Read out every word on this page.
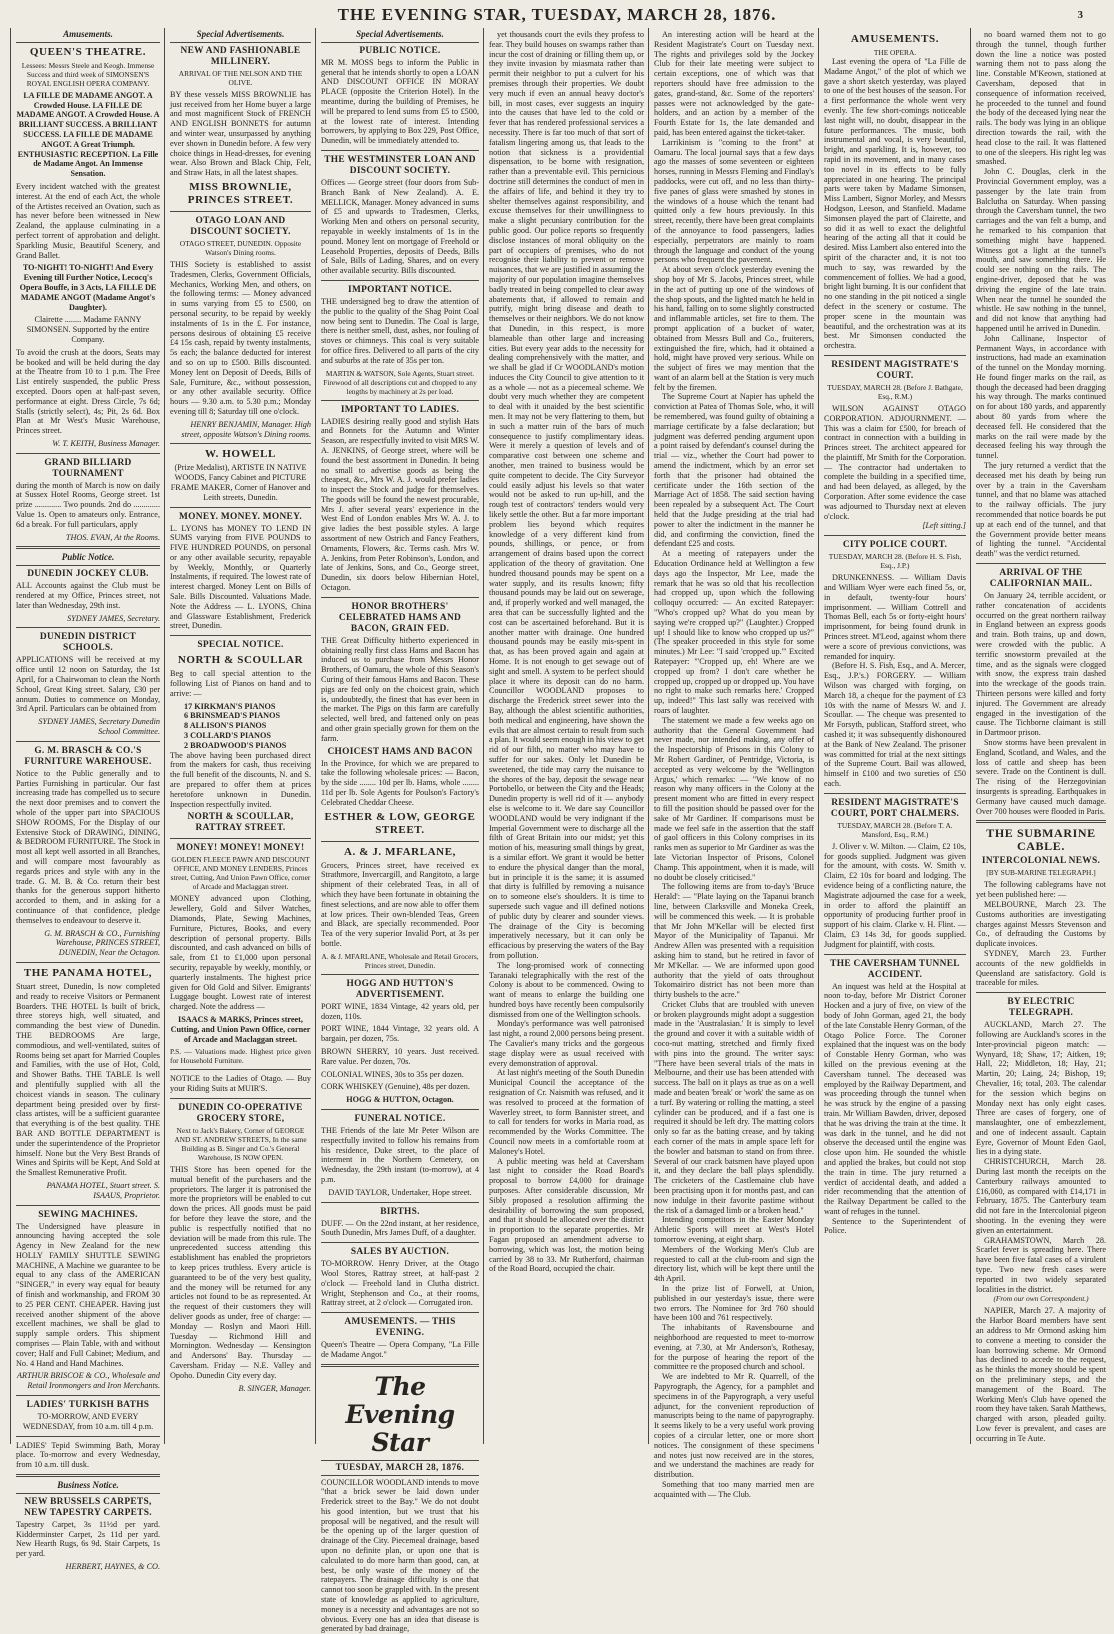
THE EVENING STAR, TUESDAY, MARCH 28, 1876.	3
Amusements.
QUEEN'S THEATRE.
Lessees: Messrs Steele and Keogh. Immense Success and third week of SIMONSEN'S ROYAL ENGLISH OPERA COMPANY.
LA FILLE DE MADAME ANGOT. A Crowded House. LA FILLE DE MADAME ANGOT. A Crowded House. A BRILLIANT SUCCESS. A BRILLIANT SUCCESS. LA FILLE DE MADAME ANGOT. A Great Triumph. ENTHUSIASTIC RECEPTION. La Fille de Madame Angot. An Immense Sensation.
Every incident watched with the greatest interest. At the end of each Act, the whole of the Artistes received an Ovation, such as has never before been witnessed in New Zealand, the applause culminating in a perfect torrent of approbation and delight. Sparkling Music, Beautiful Scenery, and Grand Ballet.
TO-NIGHT! TO-NIGHT! And Every Evening till Further Notice, Lecocq's Opera Bouffe, in 3 Acts, LA FILLE DE MADAME ANGOT (Madame Angot's Daughter).
Clairette ........ Madame FANNY SIMONSEN. Supported by the entire Company.
To avoid the crush at the doors, Seats may be booked and will be held during the day at the Theatre from 10 to 1 p.m. The Free List entirely suspended, the public Press excepted. Doors open at half-past seven, performance at eight. Dress Circle, 7s 6d; Stalls (strictly select), 4s; Pit, 2s 6d. Box Plan at Mr West's Music Warehouse, Princes street.
W. T. KEITH, Business Manager.
GRAND BILLIARD TOURNAMENT
during the month of March is now on daily at Sussex Hotel Rooms, George street. 1st prize ............. Two pounds. 2nd do ............. Value 1s. Open to amateurs only. Entrance, 6d a break. For full particulars, apply
THOS. EVAN, At the Rooms.
Public Notice.
DUNEDIN JOCKEY CLUB.
ALL Accounts against the Club must be rendered at my Office, Princes street, not later than Wednesday, 29th inst.
SYDNEY JAMES, Secretary.
DUNEDIN DISTRICT SCHOOLS.
APPLICATIONS will be received at my office until 12 noon on Saturday, the 1st April, for a Chairwoman to clean the North School, Great King street. Salary, £30 per annum. Duties to commence on Monday, 3rd April. Particulars can be obtained from
SYDNEY JAMES, Secretary Dunedin School Committee.
G. M. BRASCH & CO.'S FURNITURE WAREHOUSE.
Notice to the Public generally and to Parties Furnishing in particular. Our fast increasing trade has compelled us to secure the next door premises and to convert the whole of the upper part into SPACIOUS SHOW ROOMS, For the Display of our Extensive Stock of DRAWING, DINING, & BEDROOM FURNITURE. The Stock in most all kept well assorted in all Branches, and will compare most favourably as regards prices and style with any in the trade. G. M. B. & Co. return their best thanks for the generous support hitherto accorded to them, and in asking for a continuance of that confidence, pledge themselves to endeavour to deserve it.
G. M. BRASCH & CO., Furnishing Warehouse, PRINCES STREET, DUNEDIN, Near the Octagon.
THE PANAMA HOTEL,
Stuart street, Dunedin, Is now completed and ready to receive Visitors or Permanent Boarders. THE HOTEL Is built of brick, three storeys high, well situated, and commanding the best view of Dunedin. THE BEDROOMS Are large, commodious, and well-ventilated, suites of Rooms being set apart for Married Couples and Families, with the use of Hot, Cold, and Shower Baths. THE TABLE Is well and plentifully supplied with all the choicest viands in season. The culinary department being presided over by first-class artistes, will be a sufficient guarantee that everything is of the best quality. THE BAR AND BOTTLE DEPARTMENT is under the superintendence of the Proprietor himself. None but the Very Best Brands of Wines and Spirits will be Kept, And Sold at the Smallest Remunerative Profit.
PANAMA HOTEL, Stuart street. S. ISAAUS, Proprietor.
SEWING MACHINES.
The Undersigned have pleasure in announcing having accepted the sole Agency in New Zealand for the new HOLLY FAMILY SHUTTLE SEWING MACHINE, A Machine we guarantee to be equal to any class of the AMERICAN "SINGER," in every way equal for beauty of finish and workmanship, and FROM 30 to 25 PER CENT. CHEAPER. Having just received another shipment of the above excellent machines, we shall be glad to supply sample orders. This shipment comprises — Plain Table, with and without cover; Half and Full Cabinet; Medium, and No. 4 Hand and Hand Machines.
ARTHUR BRISCOE & CO., Wholesale and Retail Ironmongers and Iron Merchants.
LADIES' TURKISH BATHS
TO-MORROW, AND EVERY WEDNESDAY, from 10 a.m. till 4 p.m.
LADIES' Tepid Swimming Bath, Moray place. To-morrow and every Wednesday, from 10 a.m. till dusk.
Business Notice.
NEW BRUSSELS CARPETS, NEW TAPESTRY CARPETS.
Tapestry Carpet, 3s 11½d per yard. Kidderminster Carpet, 2s 11d per yard. New Hearth Rugs, 6s 9d. Stair Carpets, 1s per yard.
HERBERT, HAYNES, & CO.
Special Advertisements.
NEW AND FASHIONABLE MILLINERY.
ARRIVAL OF THE NELSON AND THE OLIVE.
BY these vessels MISS BROWNLIE has just received from her Home buyer a large and most magnificent Stock of FRENCH AND ENGLISH BONNETS for autumn and winter wear, unsurpassed by anything ever shown in Dunedin before. A few very choice things in Head-dresses, for evening wear. Also Brown and Black Chip, Felt, and Straw Hats, in all the latest shapes.
MISS BROWNLIE, PRINCES STREET.
OTAGO LOAN AND DISCOUNT SOCIETY.
OTAGO STREET, DUNEDIN. Opposite Watson's Dining rooms.
THIS Society is established to assist Tradesmen, Clerks, Government Officials, Mechanics, Working Men, and others, on the following terms: — Money advanced in sums varying from £5 to £500, on personal security, to be repaid by weekly instalments of 1s in the £. For instance, persons desirous of obtaining £5 receive £4 15s cash, repaid by twenty instalments, 5s each; the balance deducted for interest and so on up to £500. Bills discounted. Money lent on Deposit of Deeds, Bills of Sale, Furniture, &c., without possession, or any other available security. Office hours — 9.30 a.m. to 5.30 p.m.; Monday evening till 8; Saturday till one o'clock.
HENRY BENJAMIN, Manager. High street, opposite Watson's Dining rooms.
W. HOWELL
(Prize Medalist), ARTISTE IN NATIVE WOODS, Fancy Cabinet and PICTURE FRAME MAKER, Corner of Hanover and Leith streets, Dunedin.
MONEY. MONEY. MONEY.
L. LYONS has MONEY TO LEND IN SUMS varying from FIVE POUNDS to FIVE HUNDRED POUNDS, on personal or any other available security, repayable by Weekly, Monthly, or Quarterly Instalments, if required. The lowest rate of interest charged. Money Lent on Bills of Sale. Bills Discounted. Valuations Made. Note the Address — L. LYONS, China and Glassware Establishment, Frederick street, Dunedin.
SPECIAL NOTICE.
NORTH & SCOULLAR
Beg to call special attention to the following List of Pianos on hand and to arrive: —
17 KIRKMAN'S PIANOS
6 BRINSMEAD'S PIANOS
8 ALLISON'S PIANOS
3 COLLARD'S PIANOS
2 BROADWOOD'S PIANOS
The above having been purchased direct from the makers for cash, thus receiving the full benefit of the discounts, N. and S. are prepared to offer them at prices heretofore unknown in Dunedin. Inspection respectfully invited.
NORTH & SCOULLAR, RATTRAY STREET.
MONEY! MONEY! MONEY!
GOLDEN FLEECE PAWN AND DISCOUNT OFFICE, AND MONEY LENDERS, Princes street, Cutting, And Union Pawn Office, corner of Arcade and Maclaggan street.
MONEY advanced upon Clothing, Jewellery, Gold and Silver Watches, Diamonds, Plate, Sewing Machines, Furniture, Pictures, Books, and every description of personal property. Bills discounted, and cash advanced on bills of sale, from £1 to £1,000 upon personal security, repayable by weekly, monthly, or quarterly instalments. The highest price given for Old Gold and Silver. Emigrants' Luggage bought. Lowest rate of interest charged. Note the address —
ISAACS & MARKS, Princes street, Cutting, and Union Pawn Office, corner of Arcade and Maclaggan street.
P.S. — Valuations made. Highest price given for Household Furniture.
NOTICE to the Ladies of Otago. — Buy your Riding Suits at MUIR'S.
DUNEDIN CO-OPERATIVE GROCERY STORE,
Next to Jack's Bakery, Corner of GEORGE AND ST. ANDREW STREETS, In the same Building as B. Singer and Co.'s General Warehouse, IS NOW OPEN.
THIS Store has been opened for the mutual benefit of the purchasers and the proprietors. The larger it is patronised the more the proprietors will be enabled to cut down the prices. All goods must be paid for before they leave the store, and the public is respectfully notified that no deviation will be made from this rule. The unprecedented success attending this establishment has enabled the proprietors to keep prices truthless. Every article is guaranteed to be of the very best quality, and the money will be returned for any articles not found to be as represented. At the request of their customers they will deliver goods as under, free of charge: — Monday — Roslyn and Maori Hill. Tuesday — Richmond Hill and Mornington. Wednesday — Kensington and Andersons' Bay. Thursday — Caversham. Friday — N.E. Valley and Opoho. Dunedin City every day.
B. SINGER, Manager.
Special Advertisements.
PUBLIC NOTICE.
MR M. MOSS begs to inform the Public in general that he intends shortly to open a LOAN AND DISCOUNT OFFICE IN MORAY PLACE (opposite the Criterion Hotel). In the meantime, during the building of Premises, he will be prepared to lend sums from £5 to £500, at the lowest rate of interest. Intending borrowers, by applying to Box 229, Post Office, Dunedin, will be immediately attended to.
THE WESTMINSTER LOAN AND DISCOUNT SOCIETY.
Offices — George street (four doors from Sub-Branch Bank of New Zealand). A. E. MELLICK, Manager. Money advanced in sums of £5 and upwards to Tradesmen, Clerks, Working Men and others on personal security, repayable in weekly instalments of 1s in the pound. Money lent on mortgage of Freehold or Leasehold Properties, deposits of Deeds, Bills of Sale, Bills of Lading, Shares, and on every other available security. Bills discounted.
IMPORTANT NOTICE.
THE undersigned beg to draw the attention of the public to the quality of the Shag Point Coal now being sent to Dunedin. The Coal is large, there is neither smell, dust, ashes, nor fouling of stoves or chimneys. This coal is very suitable for office fires. Delivered to all parts of the city and suburbs at the rate of 35s per ton.
MARTIN & WATSON, Sole Agents, Stuart street. Firewood of all descriptions cut and chopped to any lengths by machinery at 2s per load.
IMPORTANT TO LADIES.
LADIES desiring really good and stylish Hats and Bonnets for the Autumn and Winter Season, are respectfully invited to visit MRS W. A. JENKINS, of George street, where will be found the best assortment in Dunedin. It being no small to advertise goods as being the cheapest, &c., Mrs W. A. J. would prefer ladies to inspect the Stock and judge for themselves. The goods will be found the newest procurable, Mrs J. after several years' experience in the West End of London enables Mrs W. A. J. to give ladies the best possible styles. A large assortment of new Ostrich and Fancy Feathers, Ornaments, Flowers, &c. Terms cash. Mrs W. A. Jenkins, from Peter Robinson's, London, and late of Jenkins, Sons, and Co., George street, Dunedin, six doors below Hibernian Hotel, Octagon.
HONOR BROTHERS' CELEBRATED HAMS AND BACON, GRAIN FED.
THE Great Difficulty hitherto experienced in obtaining really first class Hams and Bacon has induced us to purchase from Messrs Honor Brothers, of Oamaru, the whole of this Season's Curing of their famous Hams and Bacon. These pigs are fed only on the choicest grain, which is, undoubtedly, the finest that has ever been in the market. The Pigs on this farm are carefully selected, well bred, and fattened only on peas and other grain specially grown for them on the farm.
CHOICEST HAMS AND BACON
In the Province, for which we are prepared to take the following wholesale prices: — Bacon, by the side ........ 10d per lb. Hams, whole ........ 11d per lb. Sole Agents for Poulson's Factory's Celebrated Cheddar Cheese.
ESTHER & LOW, GEORGE STREET.
A. & J. MFARLANE,
Grocers, Princes street, have received ex Strathmore, Invercargill, and Rangitoto, a large shipment of their celebrated Teas, in all of which they have been fortunate in obtaining the finest selections, and are now able to offer them at low prices. Their own-blended Teas, Green and Black, are specially recommended. Poor Tea of the very superior Invalid Port, at 3s per bottle.
A. & J. MFARLANE, Wholesale and Retail Grocers, Princes street, Dunedin.
HOGG AND HUTTON'S ADVERTISEMENT.
PORT WINE, 1834 Vintage, 42 years old, per dozen, 110s.
PORT WINE, 1844 Vintage, 32 years old. A bargain, per dozen, 75s.
BROWN SHERRY, 10 years. Just received. Rare value. Per dozen, 70s.
COLONIAL WINES, 30s to 35s per dozen.
CORK WHISKEY (Genuine), 48s per dozen.
HOGG & HUTTON, Octagon.
FUNERAL NOTICE.
THE Friends of the late Mr Peter Wilson are respectfully invited to follow his remains from his residence, Duke street, to the place of interment in the Northern Cemetery, on Wednesday, the 29th instant (to-morrow), at 4 p.m.
DAVID TAYLOR, Undertaker, Hope street.
BIRTHS.
DUFF. — On the 22nd instant, at her residence, South Dunedin, Mrs James Duff, of a daughter.
SALES BY AUCTION.
TO-MORROW. Henry Driver, at the Otago Wool Stores, Rattray street, at half-past 2 o'clock — Freehold land in Clutha district. Wright, Stephenson and Co., at their rooms, Rattray street, at 2 o'clock — Corrugated iron.
AMUSEMENTS. — THIS EVENING.
Queen's Theatre — Opera Company, "La Fille de Madame Angot."
The Evening Star
TUESDAY, MARCH 28, 1876.
COUNCILLOR WOODLAND intends to move "that a brick sewer be laid down under Frederick street to the Bay." We do not doubt his good intention, but we trust that his proposal will be negatived, and the result will be the opening up of the larger question of drainage of the City. Piecemeal drainage, based upon no definite plan, or upon one that is calculated to do more harm than good, can, at best, be only waste of the money of the ratepayers. The drainage difficulty is one that cannot too soon be grappled with. In the present state of knowledge as applied to agriculture, money is a necessity and advantages are not so obvious. Every one has an idea that disease is generated by bad drainage,

yet thousands court the evils they profess to fear. They build houses on swamps rather than incur the cost of draining or filling them up, or they invite invasion by miasmata rather than permit their neighbor to put a culvert for his premises through their properties. We doubt very much if even an annual heavy doctor's bill, in most cases, ever suggests an inquiry into the causes that have led to the cold or fever that has rendered professional services a necessity. There is far too much of that sort of fatalism lingering among us, that leads to the notion that sickness is a providential dispensation, to be borne with resignation, rather than a preventable evil. This pernicious doctrine still determines the conduct of men in the affairs of life, and behind it they try to shelter themselves against responsibility, and excuse themselves for their unwillingness to make a slight pecuniary contribution for the public good. Our police reports so frequently disclose instances of moral obliquity on the part of occupiers of premises, who do not recognise their liability to prevent or remove nuisances, that we are justified in assuming the majority of our population imagine themselves badly treated in being compelled to clear away abatements that, if allowed to remain and putrify, might bring disease and death to themselves or their neighbors. We do not know that Dunedin, in this respect, is more blameable than other large and increasing cities. But every year adds to the necessity for dealing comprehensively with the matter, and we shall be glad if Cr WOODLAND's motion induces the City Council to give attention to it as a whole — not as a piecemeal scheme. We doubt very much whether they are competent to deal with it unaided by the best scientific men. It may not be very flattering to them, but in such a matter ruin of the bars of much consequence to justify complimentary ideas. Were it merely a question of levels and of comparative cost between one scheme and another, men trained to business would be quite competent to decide. The City Surveyor could easily adjust his levels so that water would not be asked to run up-hill, and the rough test of contractors' tenders would very likely settle the other. But a far more important problem lies beyond which requires knowledge of a very different kind from pounds, shillings, or pence, or from arrangement of drains based upon the correct application of the theory of gravitation. One hundred thousand pounds may be spent on a water supply, and its results known; fifty thousand pounds may be laid out on sewerage, and, if properly worked and well managed, the area that can be successfully lighted and the cost can be ascertained beforehand. But it is another matter with drainage. One hundred thousand pounds may be easily mis-spent in that, as has been proved again and again at Home. It is not enough to get sewage out of sight and smell. A system to be perfect should place it where its deposit can do no harm. Councillor WOODLAND proposes to discharge the Frederick street sewer into the Bay, although the ablest scientific authorities, both medical and engineering, have shown the evils that are almost certain to result from such a plan. It would seem enough in his view to get rid of our filth, no matter who may have to suffer for our sakes. Only let Dunedin be sweetened, the tide may carry the nuisance to the shores of the bay, deposit the sewage near Portobello, or between the City and the Heads; Dunedin property is well rid of it — anybody else is welcome to it. We dare say Councillor WOODLAND would be very indignant if the Imperial Government were to discharge all the filth of Great Britain into our midst; yet this motion of his, measuring small things by great, is a similar effort. We grant it would be better to endure the physical danger than the moral, but in principle it is the same; it is assumed that dirty is fulfilled by removing a nuisance on to someone else's shoulders. It is time to supersede such vague and ill defined notions of public duty by clearer and sounder views. The drainage of the City is becoming imperatively necessary, but it can only be efficacious by preserving the waters of the Bay from pollution.

The long-promised work of connecting Taranaki telegraphically with the rest of the Colony is about to be commenced. Owing to want of means to enlarge the building one hundred boys have recently been compulsorily dismissed from one of the Wellington schools.

Monday's performance was well patronised last night, a round 2,000 persons being present. The Cavalier's many tricks and the gorgeous stage display were as usual received with every demonstration of approval.

At last night's meeting of the South Dunedin Municipal Council the acceptance of the resignation of Cr. Naismith was refused, and it was resolved to proceed at the formation of Waverley street, to form Bannister street, and to call for tenders for works in Maria road, as recommended by the Works Committee. The Council now meets in a comfortable room at Maloney's Hotel.

A public meeting was held at Caversham last night to consider the Road Board's proposal to borrow £4,000 for drainage purposes. After considerable discussion, Mr Sibly proposed a resolution affirming the desirability of borrowing the sum proposed, and that it should be allocated over the district in proportion to the separate properties. Mr Fagan proposed an amendment adverse to borrowing, which was lost, the motion being carried by 38 to 33. Mr Rutherford, chairman of the Road Board, occupied the chair.

An interesting action will be heard at the Resident Magistrate's Court on Tuesday next. The rights and privileges sold by the Jockey Club for their late meeting were subject to certain exceptions, one of which was that reporters should have free admission to the gates, grand-stand, &c. Some of the reporters' passes were not acknowledged by the gate-holders, and an action by a member of the Fourth Estate for 1s, the late demanded and paid, has been entered against the ticket-taker.

Larrikinism is "coming to the front" at Oamaru. The local journal says that a few days ago the masses of some seventeen or eighteen horses, running in Messrs Fleming and Findlay's paddocks, were cut off, and no less than thirty-five panes of glass were smashed by stones in the windows of a house which the tenant had quitted only a few hours previously. In this street, recently, there have been great complaints of the annoyance to food passengers, ladies especially, perpetrators are mainly to roam through the language and conduct of the young persons who frequent the pavement.

At about seven o'clock yesterday evening the shop boy of Mr S. Jacobs, Princes street, while in the act of putting up one of the windows of the shop spouts, and the lighted match he held in his hand, falling on to some slightly constructed and inflammable articles, set fire to them. The prompt application of a bucket of water, obtained from Messrs Bull and Co., fruiterers, extinguished the fire, which, had it obtained a hold, might have proved very serious. While on the subject of fires we may mention that the want of an alarm bell at the Station is very much felt by the firemen.

The Supreme Court at Napier has upheld the conviction at Patea of Thomas Sole, who, it will be remembered, was found guilty of obtaining a marriage certificate by a false declaration; but judgment was deferred pending argument upon a point raised by defendant's counsel during the trial — viz., whether the Court had power to amend the indictment, which by an error set forth that the prisoner had obtained the certificate under the 16th section of the Marriage Act of 1858. The said section having been repealed by a subsequent Act. The Court held that the Judge presiding at the trial had power to alter the indictment in the manner he did, and confirming the conviction, fined the defendant £25 and costs.

At a meeting of ratepayers under the Education Ordinance held at Wellington a few days ago the Inspector, Mr Lee, made the remark that he was so old that his recollection had cropped up, upon which the following colloquy occurred: — An excited Ratepayer: "Who's cropped up? What do you mean by saying we're cropped up?" (Laughter.) Cropped up! I should like to know who cropped up us?" (The speaker proceeded in this style for some minutes.) Mr Lee: "I said 'cropped up.'" Excited Ratepayer: "'Cropped up, eh! Where are we cropped up from? I don't care whether he cropped up, cropped up or dropped up. You have no right to make such remarks here.' Cropped up, indeed!" This last sally was received with roars of laughter.

The statement we made a few weeks ago on authority that the General Government had never made, nor intended making, any offer of the Inspectorship of Prisons in this Colony to Mr Robert Gardiner, of Pentridge, Victoria, is accepted as very welcome by the 'Wellington Argus,' which remarks: — "We know of no reason why many officers in the Colony at the present moment who are fitted in every respect to fill the position should be passed over for the sake of Mr Gardiner. If comparisons must be made we feel safe in the assertion that the staff of gaol officers in this Colony comprises in its ranks men as superior to Mr Gardiner as was the late Victorian Inspector of Prisons, Colonel Champ. This appointment, when it is made, will no doubt be closely criticised."

The following items are from to-day's 'Bruce Herald': — "Plate laying on the Tapanui branch line, between Clarksville and Moneka Creek, will be commenced this week. — It is probable that Mr John M'Kellar will be elected first Mayor of the Municipality of Tapanui. Mr Andrew Allen was presented with a requisition asking him to stand, but he retired in favor of Mr M'Kellar. — We are informed upon good authority that the yield of oats throughout Tokomairiro district has not been more than thirty bushels to the acre."

Cricket Clubs that are troubled with uneven or broken playgrounds might adopt a suggestion made in the 'Australasian.' It is simply to level the ground and cover it with a suitable width of coco-nut matting, stretched and firmly fixed with pins into the ground. The writer says: "There have been several trials of the mats in Melbourne, and their use has been attended with success. The ball on it plays as true as on a well made and beaten 'break' or 'work' the same as on a turf. By watering or rolling the matting, a steel cylinder can be produced, and if a fast one is required it should be left dry. The matting colors only so far as the batting crease, and by taking each corner of the mats in ample space left for the bowler and batsman to stand on from three. Several of our crack batsmen have played upon it, and they declare the ball plays splendidly. The cricketers of the Castlemaine club have been practising upon it for months past, and can now indulge in their favorite pastime without the risk of a damaged limb or a broken head."

Intending competitors in the Easter Monday Athletic Sports will meet at West's Hotel tomorrow evening, at eight sharp.

Members of the Working Men's Club are requested to call at the club-room and sign the directory list, which will be kept there until the 4th April.

In the prize list of Forwell, at Union, published in our yesterday's issue, there were two errors. The Nominee for 3rd 760 should have been 100 and 761 respectively.

The inhabitants of Ravensbourne and neighborhood are requested to meet to-morrow evening, at 7.30, at Mr Anderson's, Rothesay, for the purpose of hearing the report of the committee re the proposed church and school.

We are indebted to Mr R. Quarrell, of the Papyrograph, the Agency, for a pamphlet and specimens in of the Papyrograph, a very useful adjunct, for the convenient reproduction of manuscripts being to the name of papyrography. It seems likely to be a very useful work proving copies of a circular letter, one or more short notices. The consignment of these specimens and notes just now received are in the stores, and we understand the machines are ready for distribution.

Something that too many married men are acquainted with — The Club.

AMUSEMENTS.
THE OPERA.

Last evening the opera of "La Fille de Madame Angot," of the plot of which we gave a short sketch yesterday, was played to one of the best houses of the season. For a first performance the whole went very evenly. The few short-comings noticeable last night will, no doubt, disappear in the future performances. The music, both instrumental and vocal, is very beautiful, bright, and sparkling. It is, however, too rapid in its movement, and in many cases too novel in its effects to be fully appreciated in one hearing. The principal parts were taken by Madame Simonsen, Miss Lambert, Signor Morley, and Messrs Hodgson, Leeson, and Stanfield. Madame Simonsen played the part of Clairette, and so did it as well to exact the delightful hearing of the acting all that it could be desired. Miss Lambert also entered into the spirit of the character and, it is not too much to say, was rewarded by the commencement of follies. We had a good, bright light burning. It is our confident that no one standing in the pit noticed a single defect in the scenery or costume. The proper scene in the mountain was beautiful, and the orchestration was at its best. Mr Simonsen conducted the orchestra.

RESIDENT MAGISTRATE'S COURT.
TUESDAY, MARCH 28. (Before J. Bathgate, Esq., R.M.)

WILSON AGAINST OTAGO CORPORATION. ADJOURNMENT. — This was a claim for £500, for breach of contract in connection with a building in Princes street. The architect appeared for the plaintiff, Mr Smith for the Corporation. — The contractor had undertaken to complete the building in a specified time, and had been delayed, as alleged, by the Corporation. After some evidence the case was adjourned to Thursday next at eleven o'clock.

[Left sitting.]
CITY POLICE COURT.
TUESDAY, MARCH 28. (Before H. S. Fish, Esq., J.P.)

DRUNKENNESS. — William Davis and William Wyer were each fined 5s, or, in default, twenty-four hours' imprisonment. — William Cottrell and Thomas Bell, each 5s or forty-eight hours' imprisonment, for being found drunk in Princes street. M'Leod, against whom there were a score of previous convictions, was remanded for inquiry.

(Before H. S. Fish, Esq., and A. Mercer, Esq., J.P.'s.) FORGERY. — William Wilson was charged with forging, on March 18, a cheque for the payment of £3 10s with the name of Messrs W. and J. Scoullar. — The cheque was presented to Mr Forsyth, publican, Stafford street, who cashed it; it was subsequently dishonoured at the Bank of New Zealand. The prisoner was committed for trial at the next sittings of the Supreme Court. Bail was allowed, himself in £100 and two sureties of £50 each.

RESIDENT MAGISTRATE'S COURT, PORT CHALMERS.
TUESDAY, MARCH 28. (Before T. A. Mansford, Esq., R.M.)

J. Oliver v. W. Milton. — Claim, £2 10s, for goods supplied. Judgment was given for the amount, with costs. W. Smith v. Claim, £2 10s for board and lodging. The evidence being of a conflicting nature, the Magistrate adjourned the case for a week, in order to afford the plaintiff an opportunity of producing further proof in support of his claim. Clarke v. H. Flint. — Claim, £3 14s 3d, for goods supplied. Judgment for plaintiff, with costs.

THE CAVERSHAM TUNNEL ACCIDENT.

An inquest was held at the Hospital at noon to-day, before Mr District Coroner Hocken and a jury of five, on view of the body of John Gorman, aged 21, the body of the late Constable Henry Gorman, of the Otago Police Force. The Coroner explained that the inquest was on the body of Constable Henry Gorman, who was killed on the previous evening at the Caversham tunnel. The deceased was employed by the Railway Department, and was proceeding through the tunnel when he was struck by the engine of a passing train. Mr William Bawden, driver, deposed that he was driving the train at the time. It was dark in the tunnel, and he did not observe the deceased until the engine was close upon him. He sounded the whistle and applied the brakes, but could not stop the train in time. The jury returned a verdict of accidental death, and added a rider recommending that the attention of the Railway Department be called to the want of refuges in the tunnel.

Sentence to the Superintendent of Police.

no board warned them not to go through the tunnel, though further down the line a notice was posted warning them not to pass along the line. Constable M'Keown, stationed at Caversham, deposed that in consequence of information received, he proceeded to the tunnel and found the body of the deceased lying near the rails. The body was lying in an oblique direction towards the rail, with the head close to the rail. It was flattened to one of the sleepers. His right leg was smashed.

John C. Douglas, clerk in the Provincial Government employ, was a passenger by the late train from Balclutha on Saturday. When passing through the Caversham tunnel, the two carriages and the van felt a bump, and he remarked to his companion that something might have happened. Witness got a light at the tunnel's mouth, and saw something there. He could see nothing on the rails. The engine-driver, deposed that he was driving the engine of the late train. When near the tunnel he sounded the whistle. He saw nothing in the tunnel, and did not know that anything had happened until he arrived in Dunedin.

John Callinane, Inspector of Permanent Ways, in accordance with instructions, had made an examination of the tunnel on the Monday morning. He found finger marks on the rail, as though the deceased had been dragging his way through. The marks continued on for about 180 yards, and apparently about 80 yards from where the deceased fell. He considered that the marks on the rail were made by the deceased feeling his way through the tunnel.

The jury returned a verdict that the deceased met his death by being run over by a train in the Caversham tunnel, and that no blame was attached to the railway officials. The jury recommended that notice boards be put up at each end of the tunnel, and that the Government provide better means of lighting the tunnel. "Accidental death" was the verdict returned.

ARRIVAL OF THE CALIFORNIAN MAIL.

On January 24, terrible accident, or rather concatenation of accidents occurred on the great northern railway in England between an express goods and train. Both trains, up and down, were crowded with the public. A terrific snowstorm prevailed at the time, and as the signals were clogged with snow, the express train dashed into the wreckage of the goods train. Thirteen persons were killed and forty injured. The Government are already engaged in the investigation of the cause. The Tichborne claimant is still in Dartmoor prison.

Snow storms have been prevalent in England, Scotland, and Wales, and the loss of cattle and sheep has been severe. Trade on the Continent is dull. The rising of the Herzegovinian insurgents is spreading. Earthquakes in Germany have caused much damage. Over 700 houses were flooded in Paris.

THE SUBMARINE CABLE.
INTERCOLONIAL NEWS.
[BY SUB-MARINE TELEGRAPH.]

The following cablegrams have not yet been published here: —

MELBOURNE, March 23. The Customs authorities are investigating charges against Messrs Stevenson and Co., of defrauding the Customs by duplicate invoices.

SYDNEY, March 23. Further accounts of the new goldfields in Queensland are satisfactory. Gold is traceable for miles.

BY ELECTRIC TELEGRAPH.

AUCKLAND, March 27. The following are Auckland's scores in the Inter-provincial pigeon match: — Wynyard, 18; Shaw, 17; Aitken, 19; Hall, 22; Middleton, 18; Hay, 21; Martin, 20; Laing, 24; Bishop, 19; Chevalier, 16; total, 203. The calendar for the session which begins on Monday next has only eight cases. Three are cases of forgery, one of manslaughter, one of embezzlement, and one of indecent assault. Captain Eyre, Governor of Mount Eden Gaol, lies in a dying state.

CHRISTCHURCH, March 28. During last month the receipts on the Canterbury railways amounted to £16,060, as compared with £14,171 in February, 1875. The Canterbury team did not fare in the Intercolonial pigeon shooting. In the evening they were given an entertainment.

GRAHAMSTOWN, March 28. Scarlet fever is spreading here. There have been five fatal cases of a virulent type. Two new fresh cases were reported in two widely separated localities in the district.

(From our own Correspondent.)

NAPIER, March 27. A majority of the Harbor Board members have sent an address to Mr Ormond asking him to convene a meeting to consider the loan borrowing scheme. Mr Ormond has declined to accede to the request, as he thinks the money should be spent on the preliminary steps, and the management of the Board. The Working Men's Club have opened the room they have taken. Sarah Matthews, charged with arson, pleaded guilty. Low fever is prevalent, and cases are occurring in Te Aute.
